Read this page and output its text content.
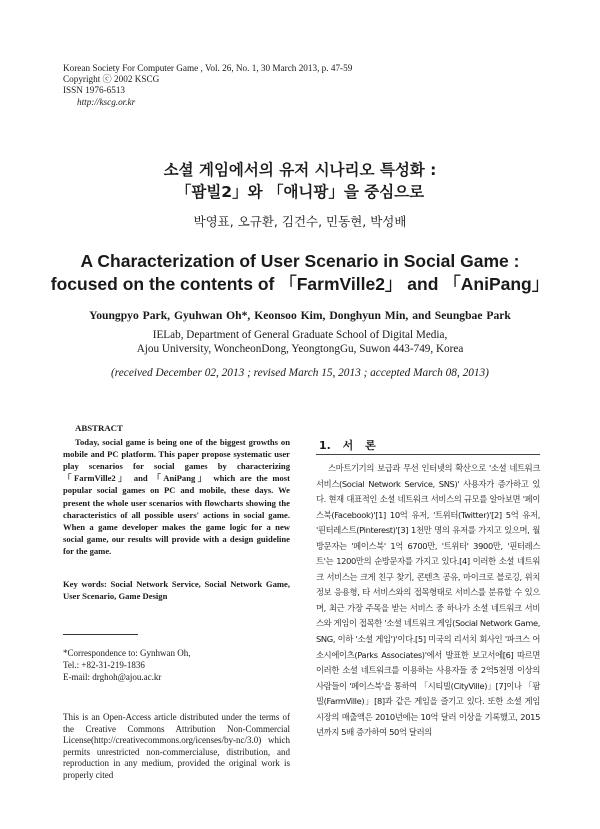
Korean Society For Computer Game , Vol. 26, No. 1, 30 March 2013, p. 47-59
Copyright ⓒ 2002 KSCG
ISSN 1976-6513
http://kscg.or.kr
소셜 게임에서의 유저 시나리오 특성화 :
「팜빌2」와 「애니팡」을 중심으로
박영표, 오규환, 김건수, 민동현, 박성배
A Characterization of User Scenario in Social Game :
focused on the contents of 「FarmVille2」 and 「AniPang」
Youngpyo Park, Gyuhwan Oh*, Keonsoo Kim, Donghyun Min, and Seungbae Park
IELab, Department of General Graduate School of Digital Media,
Ajou University, WoncheonDong, YeongtongGu, Suwon 443-749, Korea
(received December 02, 2013 ; revised March 15, 2013 ; accepted March 08, 2013)
ABSTRACT
Today, social game is being one of the biggest growths on mobile and PC platform. This paper propose systematic user play scenarios for social games by characterizing 「FarmVille2」 and 「AniPang」 which are the most popular social games on PC and mobile, these days. We present the whole user scenarios with flowcharts showing the characteristics of all possible users' actions in social game. When a game developer makes the game logic for a new social game, our results will provide with a design guideline for the game.
Key words: Social Network Service, Social Network Game, User Scenario, Game Design
*Correspondence to: Gynhwan Oh,
Tel.: +82-31-219-1836
E-mail: drghoh@ajou.ac.kr
This is an Open-Access article distributed under the terms of the Creative Commons Attribution Non-Commercial License(http://creativecommons.org/icenses/by-nc/3.0) which permits unrestricted non-commercialuse, distribution, and reproduction in any medium, provided the original work is properly cited
1. 서 론
스마트기기의 보급과 무선 인터넷의 확산으로 '소셜 네트워크 서비스(Social Network Service, SNS)' 사용자가 증가하고 있다. 현재 대표적인 소셜 네트워크 서비스의 규모를 알아보면 '페이스북(Facebook)'[1] 10억 유저, '트위터(Twitter)'[2] 5억 유저, '핀터레스트(Pinterest)'[3] 1천만 명의 유저를 가지고 있으며, 월 방문자는 '페이스북' 1억 6700만, '트위터' 3900만, '핀터레스트'는 1200만의 순방문자를 가지고 있다.[4] 이러한 소셜 네트워크 서비스는 크게 친구 찾기, 콘텐츠 공유, 마이크로 블로깅, 위치정보 응용형, 타 서비스와의 접목형태로 서비스를 분류할 수 있으며, 최근 가장 주목을 받는 서비스 중 하나가 소셜 네트워크 서비스와 게임이 접목한 '소셜 네트워크 게임(Social Network Game, SNG, 이하 '소셜 게임')'이다.[5] 미국의 리서치 회사인 '파크스 어소시에이츠(Parks Associates)'에서 발표한 보고서에[6] 따르면 이러한 소셜 네트워크를 이용하는 사용자들 중 2억5천명 이상의 사람들이 '페이스북'을 통하여 「시티빌(CityVille)」[7]이나 「팜빌(FarmVille)」[8]과 같은 게임을 즐기고 있다. 또한 소셜 게임 시장의 매출액은 2010년에는 10억 달러 이상을 기록했고, 2015년까지 5배 증가하여 50억 달러의
